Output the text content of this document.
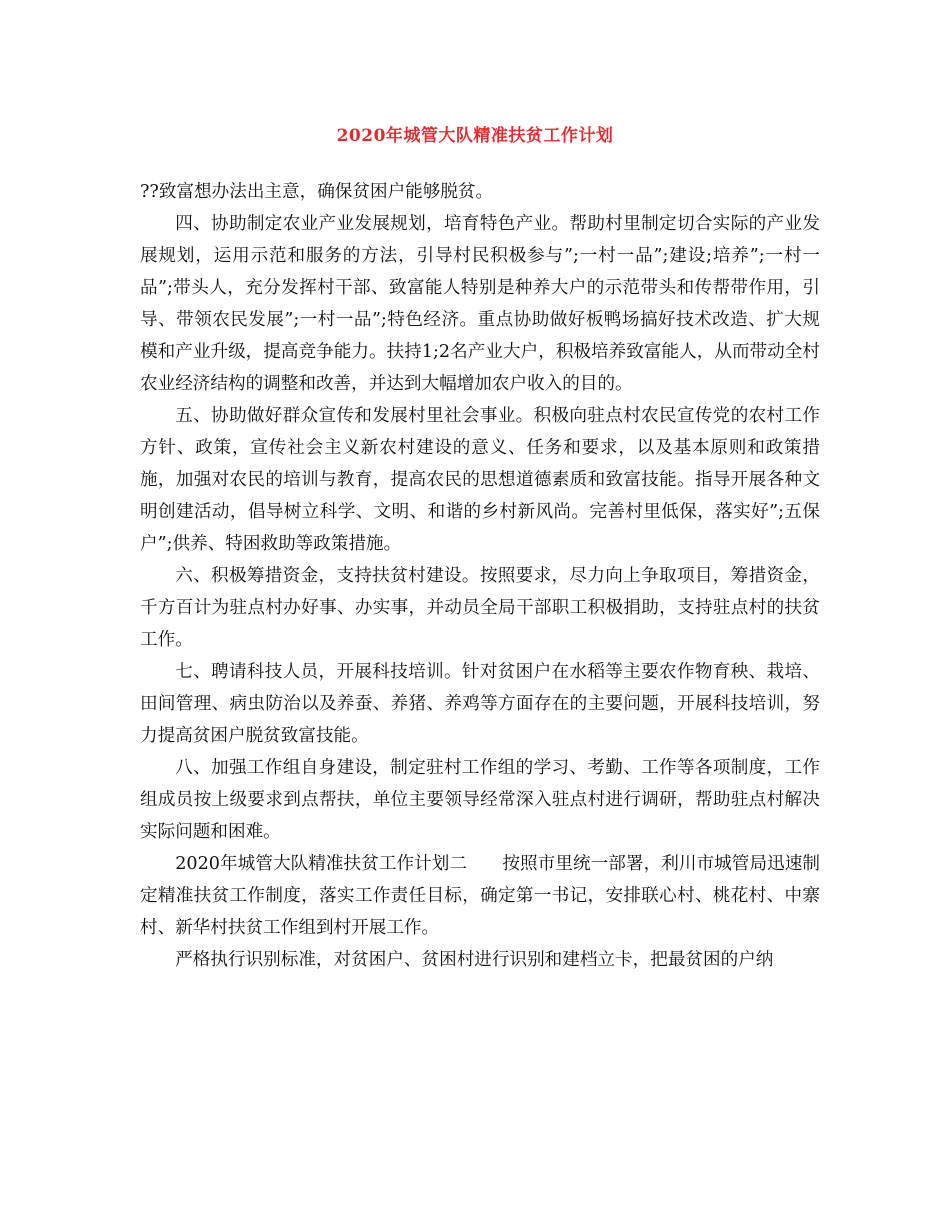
2020年城管大队精准扶贫工作计划

??致富想办法出主意，确保贫困户能够脱贫。

四、协助制定农业产业发展规划，培育特色产业。帮助村里制定切合实际的产业发展规划，运用示范和服务的方法，引导村民积极参与”;一村一品”;建设;培养”;一村一品”;带头人，充分发挥村干部、致富能人特别是种养大户的示范带头和传帮带作用，引导、带领农民发展”;一村一品”;特色经济。重点协助做好板鸭场搞好技术改造、扩大规模和产业升级，提高竞争能力。扶持1;2名产业大户，积极培养致富能人，从而带动全村农业经济结构的调整和改善，并达到大幅增加农户收入的目的。

五、协助做好群众宣传和发展村里社会事业。积极向驻点村农民宣传党的农村工作方针、政策，宣传社会主义新农村建设的意义、任务和要求，以及基本原则和政策措施，加强对农民的培训与教育，提高农民的思想道德素质和致富技能。指导开展各种文明创建活动，倡导树立科学、文明、和谐的乡村新风尚。完善村里低保，落实好”;五保户”;供养、特困救助等政策措施。

六、积极筹措资金，支持扶贫村建设。按照要求，尽力向上争取项目，筹措资金，千方百计为驻点村办好事、办实事，并动员全局干部职工积极捐助，支持驻点村的扶贫工作。

七、聘请科技人员，开展科技培训。针对贫困户在水稻等主要农作物育秧、栽培、田间管理、病虫防治以及养蚕、养猪、养鸡等方面存在的主要问题，开展科技培训，努力提高贫困户脱贫致富技能。

八、加强工作组自身建设，制定驻村工作组的学习、考勤、工作等各项制度，工作组成员按上级要求到点帮扶，单位主要领导经常深入驻点村进行调研，帮助驻点村解决实际问题和困难。

2020年城管大队精准扶贫工作计划二　　按照市里统一部署，利川市城管局迅速制定精准扶贫工作制度，落实工作责任目标，确定第一书记，安排联心村、桃花村、中寨村、新华村扶贫工作组到村开展工作。

严格执行识别标准，对贫困户、贫困村进行识别和建档立卡，把最贫困的户纳
